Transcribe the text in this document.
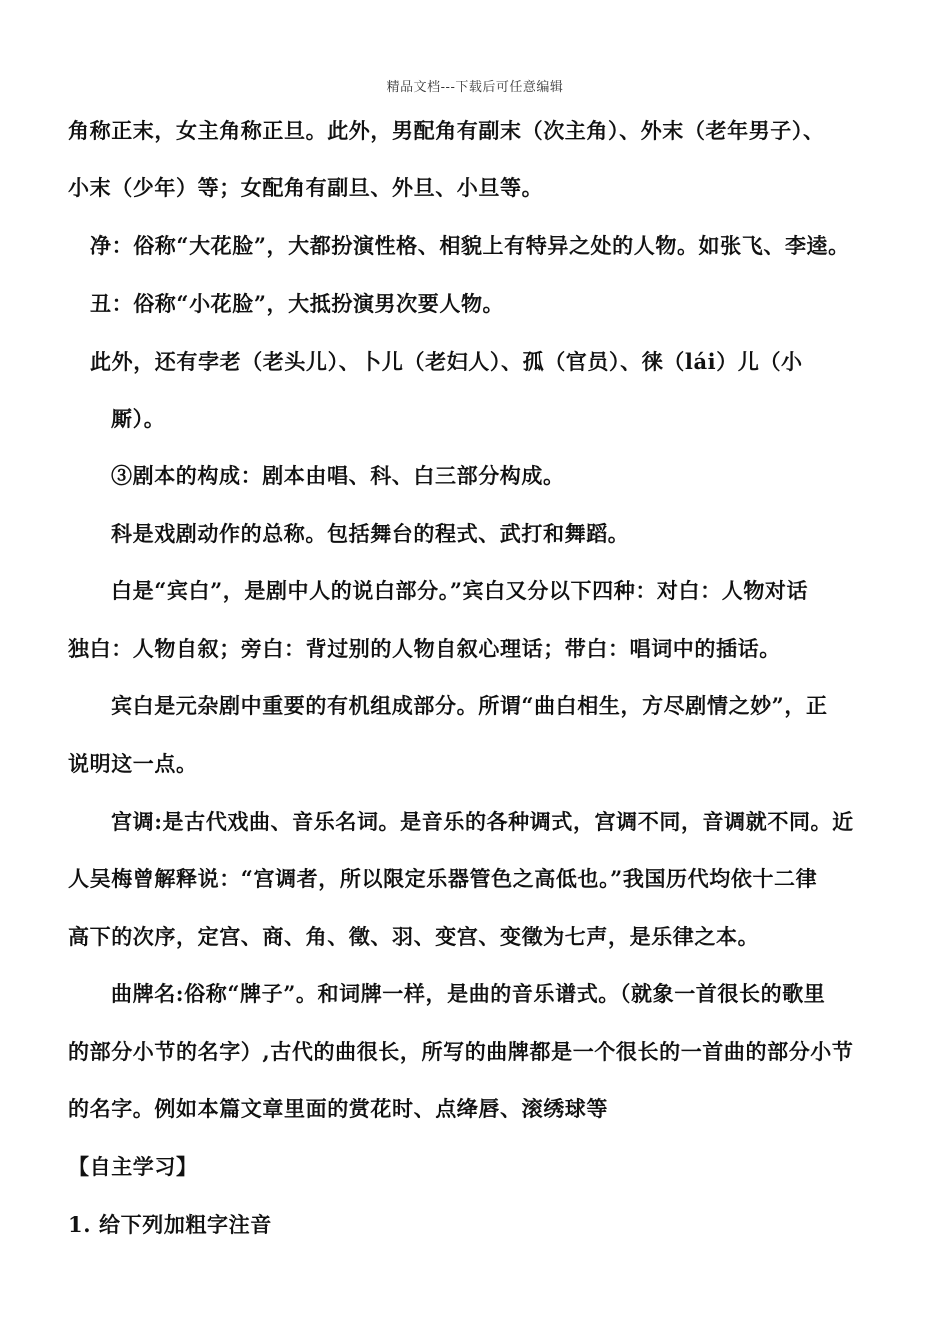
精品文档---下载后可任意编辑
角称正末，女主角称正旦。此外，男配角有副末（次主角）、外末（老年男子）、
小末（少年）等；女配角有副旦、外旦、小旦等。
净：俗称“大花脸”，大都扮演性格、相貌上有特异之处的人物。如张飞、李逵。
丑：俗称“小花脸”，大抵扮演男次要人物。
此外，还有孛老（老头儿）、卜儿（老妇人）、孤（官员）、徕（lái）儿（小
厮）。
③剧本的构成：剧本由唱、科、白三部分构成。
科是戏剧动作的总称。包括舞台的程式、武打和舞蹈。
白是“宾白”，是剧中人的说白部分。”宾白又分以下四种：对白：人物对话
独白：人物自叙；旁白：背过别的人物自叙心理话；带白：唱词中的插话。
宾白是元杂剧中重要的有机组成部分。所谓“曲白相生，方尽剧情之妙”，正
说明这一点。
宫调:是古代戏曲、音乐名词。是音乐的各种调式，宫调不同，音调就不同。近
人吴梅曾解释说：“宫调者，所以限定乐器管色之高低也。”我国历代均依十二律
高下的次序，定宫、商、角、徵、羽、变宫、变徵为七声，是乐律之本。
曲牌名:俗称“牌子”。和词牌一样，是曲的音乐谱式。（就象一首很长的歌里
的部分小节的名字）,古代的曲很长，所写的曲牌都是一个很长的一首曲的部分小节
的名字。例如本篇文章里面的赏花时、点绛唇、滚绣球等
【自主学习】
1. 给下列加粗字注音
